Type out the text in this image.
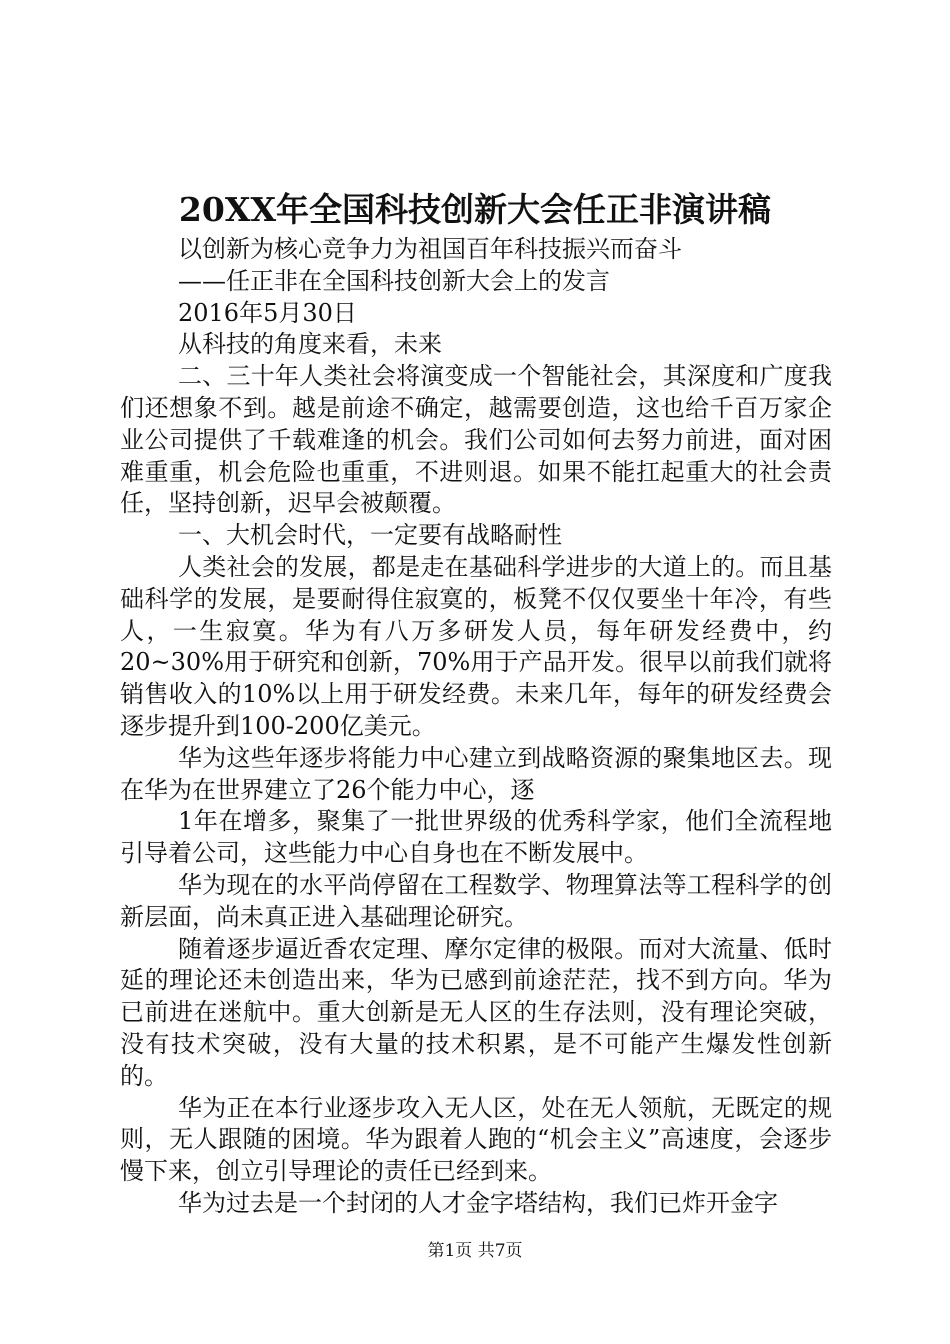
20XX年全国科技创新大会任正非演讲稿

以创新为核心竞争力为祖国百年科技振兴而奋斗

——任正非在全国科技创新大会上的发言

2016年5月30日

从科技的角度来看，未来

二、三十年人类社会将演变成一个智能社会，其深度和广度我们还想象不到。越是前途不确定，越需要创造，这也给千百万家企业公司提供了千载难逢的机会。我们公司如何去努力前进，面对困难重重，机会危险也重重，不进则退。如果不能扛起重大的社会责任，坚持创新，迟早会被颠覆。

一、大机会时代，一定要有战略耐性

人类社会的发展，都是走在基础科学进步的大道上的。而且基础科学的发展，是要耐得住寂寞的，板凳不仅仅要坐十年冷，有些人，一生寂寞。华为有八万多研发人员，每年研发经费中，约20~30%用于研究和创新，70%用于产品开发。很早以前我们就将销售收入的10%以上用于研发经费。未来几年，每年的研发经费会逐步提升到100-200亿美元。

华为这些年逐步将能力中心建立到战略资源的聚集地区去。现在华为在世界建立了26个能力中心，逐

1年在增多，聚集了一批世界级的优秀科学家，他们全流程地引导着公司，这些能力中心自身也在不断发展中。

华为现在的水平尚停留在工程数学、物理算法等工程科学的创新层面，尚未真正进入基础理论研究。

随着逐步逼近香农定理、摩尔定律的极限。而对大流量、低时延的理论还未创造出来，华为已感到前途茫茫，找不到方向。华为已前进在迷航中。重大创新是无人区的生存法则，没有理论突破，没有技术突破，没有大量的技术积累，是不可能产生爆发性创新的。

华为正在本行业逐步攻入无人区，处在无人领航，无既定的规则，无人跟随的困境。华为跟着人跑的“机会主义”高速度，会逐步慢下来，创立引导理论的责任已经到来。

华为过去是一个封闭的人才金字塔结构，我们已炸开金字

第1页 共7页
